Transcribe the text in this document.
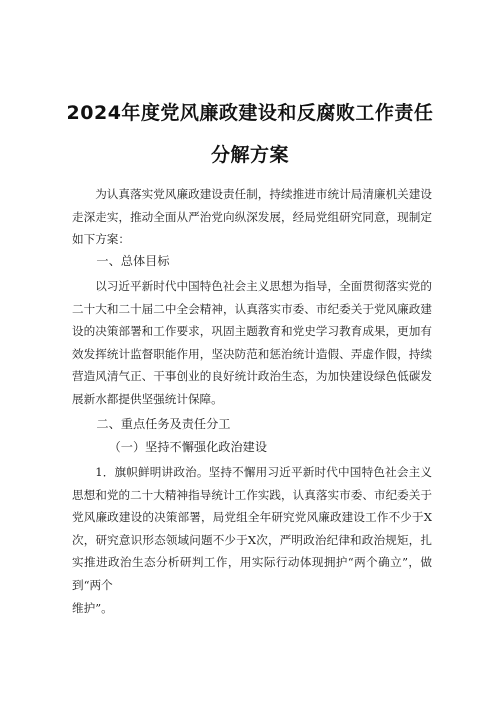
2024年度党风廉政建设和反腐败工作责任
分解方案

为认真落实党风廉政建设责任制，持续推进市统计局清廉机关建设走深走实，推动全面从严治党向纵深发展，经局党组研究同意，现制定如下方案：

一、总体目标

以习近平新时代中国特色社会主义思想为指导，全面贯彻落实党的二十大和二十届二中全会精神，认真落实市委、市纪委关于党风廉政建设的决策部署和工作要求，巩固主题教育和党史学习教育成果，更加有效发挥统计监督职能作用，坚决防范和惩治统计造假、弄虚作假，持续营造风清气正、干事创业的良好统计政治生态，为加快建设绿色低碳发展新水都提供坚强统计保障。

二、重点任务及责任分工

（一）坚持不懈强化政治建设

1．旗帜鲜明讲政治。坚持不懈用习近平新时代中国特色社会主义思想和党的二十大精神指导统计工作实践，认真落实市委、市纪委关于党风廉政建设的决策部署，局党组全年研究党风廉政建设工作不少于X次，研究意识形态领域问题不少于X次，严明政治纪律和政治规矩，扎实推进政治生态分析研判工作，用实际行动体现拥护“两个确立”，做到“两个

维护”。
